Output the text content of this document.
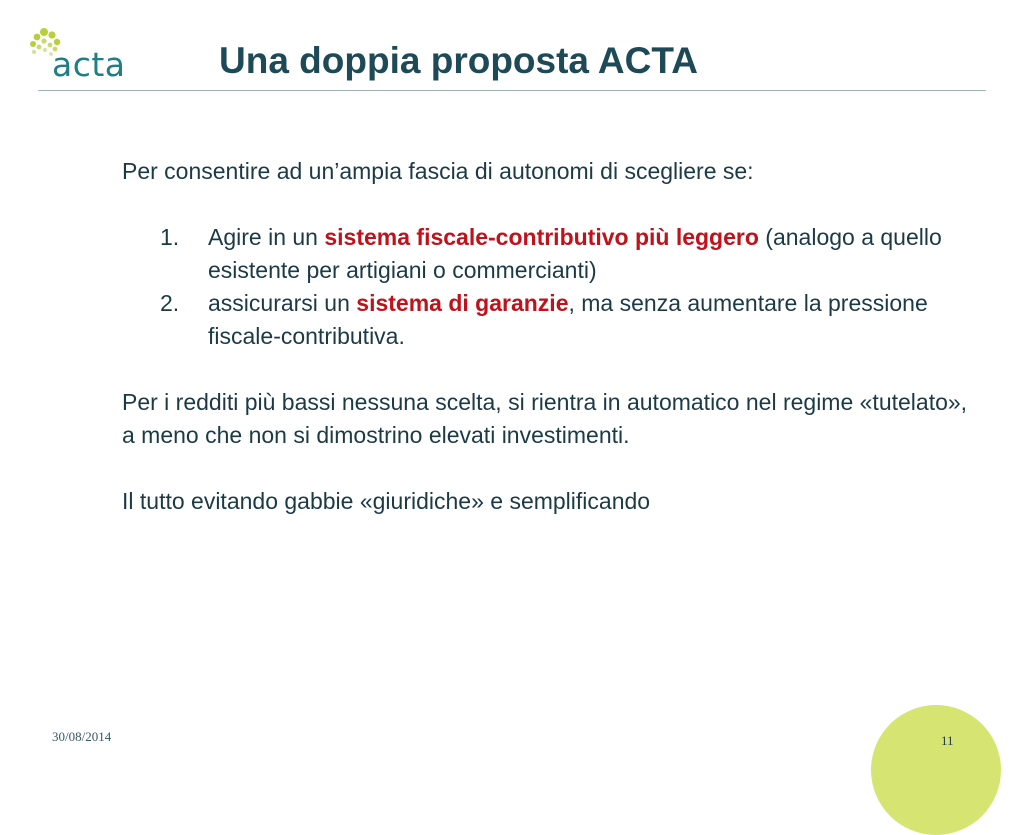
acta	Una doppia proposta ACTA

Per consentire ad un’ampia fascia di autonomi di scegliere se:

1. Agire in un sistema fiscale-contributivo più leggero (analogo a quello esistente per artigiani o commercianti)
2. assicurarsi un sistema di garanzie, ma senza aumentare la pressione fiscale-contributiva.

Per i redditi più bassi nessuna scelta, si rientra in automatico nel regime «tutelato», a meno che non si dimostrino elevati investimenti.

Il tutto evitando gabbie «giuridiche» e semplificando

30/08/2014	11
